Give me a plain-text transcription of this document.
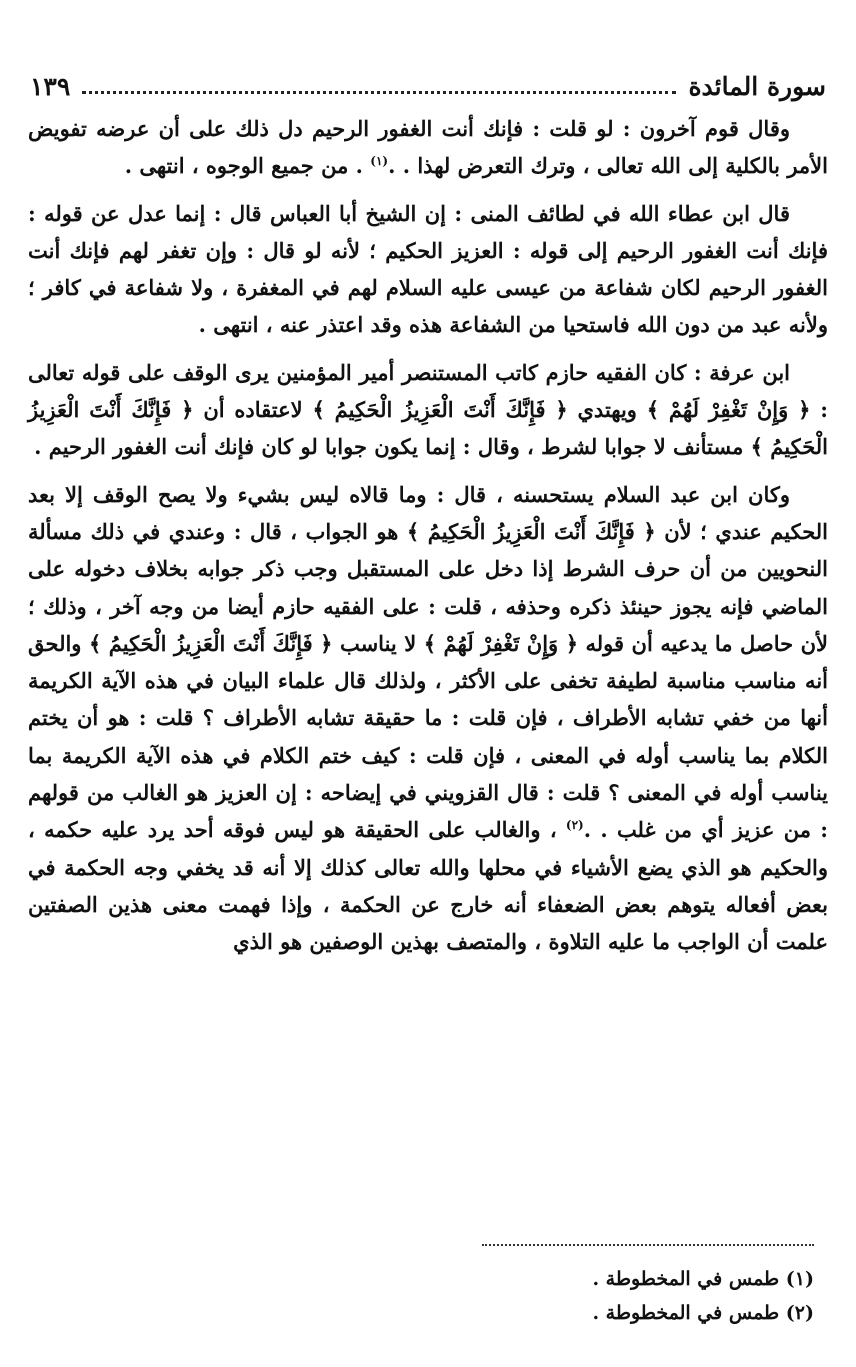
سورة المائدة
١٣٩

وقال قوم آخرون : لو قلت : فإنك أنت الغفور الرحيم دل ذلك على أن عرضه تفويض الأمر بالكلية إلى الله تعالى ، وترك التعرض لهذا . .$^{(١)}$ . من جميع الوجوه ، انتهى .

قال ابن عطاء الله في لطائف المنى : إن الشيخ أبا العباس قال : إنما عدل عن قوله : فإنك أنت الغفور الرحيم إلى قوله : العزيز الحكيم ؛ لأنه لو قال : وإن تغفر لهم فإنك أنت الغفور الرحيم لكان شفاعة من عيسى عليه السلام لهم في المغفرة ، ولا شفاعة في كافر ؛ ولأنه عبد من دون الله فاستحيا من الشفاعة هذه وقد اعتذر عنه ، انتهى .

ابن عرفة : كان الفقيه حازم كاتب المستنصر أمير المؤمنين يرى الوقف على قوله تعالى : ﴿ وَإِنْ تَغْفِرْ لَهُمْ ﴾ ويهتدي ﴿ فَإِنَّكَ أَنْتَ الْعَزِيزُ الْحَكِيمُ ﴾ لاعتقاده أن ﴿ فَإِنَّكَ أَنْتَ الْعَزِيزُ الْحَكِيمُ ﴾ مستأنف لا جوابا لشرط ، وقال : إنما يكون جوابا لو كان فإنك أنت الغفور الرحيم .

وكان ابن عبد السلام يستحسنه ، قال : وما قالاه ليس بشيء ولا يصح الوقف إلا بعد الحكيم عندي ؛ لأن ﴿ فَإِنَّكَ أَنْتَ الْعَزِيزُ الْحَكِيمُ ﴾ هو الجواب ، قال : وعندي في ذلك مسألة النحويين من أن حرف الشرط إذا دخل على المستقبل وجب ذكر جوابه بخلاف دخوله على الماضي فإنه يجوز حينئذ ذكره وحذفه ، قلت : على الفقيه حازم أيضا من وجه آخر ، وذلك ؛ لأن حاصل ما يدعيه أن قوله ﴿ وَإِنْ تَغْفِرْ لَهُمْ ﴾ لا يناسب ﴿ فَإِنَّكَ أَنْتَ الْعَزِيزُ الْحَكِيمُ ﴾ والحق أنه مناسب مناسبة لطيفة تخفى على الأكثر ، ولذلك قال علماء البيان في هذه الآية الكريمة أنها من خفي تشابه الأطراف ، فإن قلت : ما حقيقة تشابه الأطراف ؟ قلت : هو أن يختم الكلام بما يناسب أوله في المعنى ، فإن قلت : كيف ختم الكلام في هذه الآية الكريمة بما يناسب أوله في المعنى ؟ قلت : قال القزويني في إيضاحه : إن العزيز هو الغالب من قولهم : من عزيز أي من غلب . .$^{(٢)}$ ، والغالب على الحقيقة هو ليس فوقه أحد يرد عليه حكمه ، والحكيم هو الذي يضع الأشياء في محلها والله تعالى كذلك إلا أنه قد يخفي وجه الحكمة في بعض أفعاله يتوهم بعض الضعفاء أنه خارج عن الحكمة ، وإذا فهمت معنى هذين الصفتين علمت أن الواجب ما عليه التلاوة ، والمتصف بهذين الوصفين هو الذي

(١) طمس في المخطوطة .

(٢) طمس في المخطوطة .
